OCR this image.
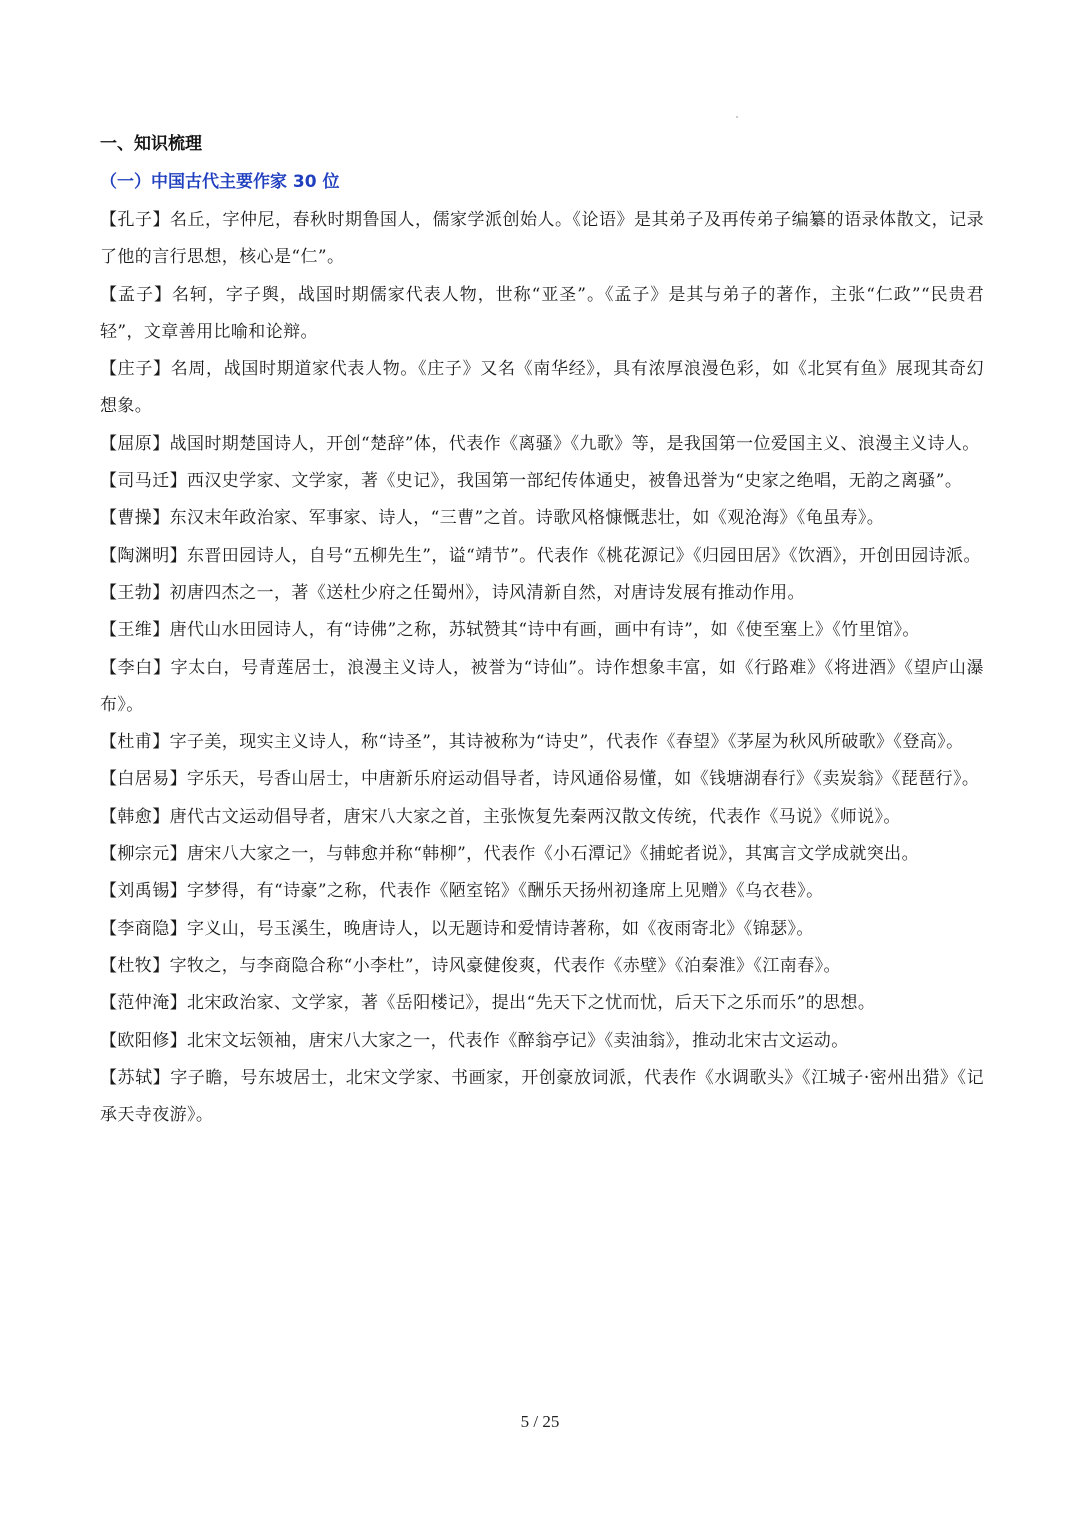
一、知识梳理
（一）中国古代主要作家 30 位

【孔子】名丘，字仲尼，春秋时期鲁国人，儒家学派创始人。《论语》是其弟子及再传弟子编纂的语录体散文，记录了他的言行思想，核心是“仁”。

【孟子】名轲，字子舆，战国时期儒家代表人物，世称“亚圣”。《孟子》是其与弟子的著作，主张“仁政”“民贵君轻”，文章善用比喻和论辩。

【庄子】名周，战国时期道家代表人物。《庄子》又名《南华经》，具有浓厚浪漫色彩，如《北冥有鱼》展现其奇幻想象。

【屈原】战国时期楚国诗人，开创“楚辞”体，代表作《离骚》《九歌》等，是我国第一位爱国主义、浪漫主义诗人。

【司马迁】西汉史学家、文学家，著《史记》，我国第一部纪传体通史，被鲁迅誉为“史家之绝唱，无韵之离骚”。

【曹操】东汉末年政治家、军事家、诗人，“三曹”之首。诗歌风格慷慨悲壮，如《观沧海》《龟虽寿》。

【陶渊明】东晋田园诗人，自号“五柳先生”，谥“靖节”。代表作《桃花源记》《归园田居》《饮酒》，开创田园诗派。

【王勃】初唐四杰之一，著《送杜少府之任蜀州》，诗风清新自然，对唐诗发展有推动作用。

【王维】唐代山水田园诗人，有“诗佛”之称，苏轼赞其“诗中有画，画中有诗”，如《使至塞上》《竹里馆》。

【李白】字太白，号青莲居士，浪漫主义诗人，被誉为“诗仙”。诗作想象丰富，如《行路难》《将进酒》《望庐山瀑布》。

【杜甫】字子美，现实主义诗人，称“诗圣”，其诗被称为“诗史”，代表作《春望》《茅屋为秋风所破歌》《登高》。

【白居易】字乐天，号香山居士，中唐新乐府运动倡导者，诗风通俗易懂，如《钱塘湖春行》《卖炭翁》《琵琶行》。

【韩愈】唐代古文运动倡导者，唐宋八大家之首，主张恢复先秦两汉散文传统，代表作《马说》《师说》。

【柳宗元】唐宋八大家之一，与韩愈并称“韩柳”，代表作《小石潭记》《捕蛇者说》，其寓言文学成就突出。

【刘禹锡】字梦得，有“诗豪”之称，代表作《陋室铭》《酬乐天扬州初逢席上见赠》《乌衣巷》。

【李商隐】字义山，号玉溪生，晚唐诗人，以无题诗和爱情诗著称，如《夜雨寄北》《锦瑟》。

【杜牧】字牧之，与李商隐合称“小李杜”，诗风豪健俊爽，代表作《赤壁》《泊秦淮》《江南春》。

【范仲淹】北宋政治家、文学家，著《岳阳楼记》，提出“先天下之忧而忧，后天下之乐而乐”的思想。

【欧阳修】北宋文坛领袖，唐宋八大家之一，代表作《醉翁亭记》《卖油翁》，推动北宋古文运动。

【苏轼】字子瞻，号东坡居士，北宋文学家、书画家，开创豪放词派，代表作《水调歌头》《江城子·密州出猎》《记承天寺夜游》。

5 / 25
